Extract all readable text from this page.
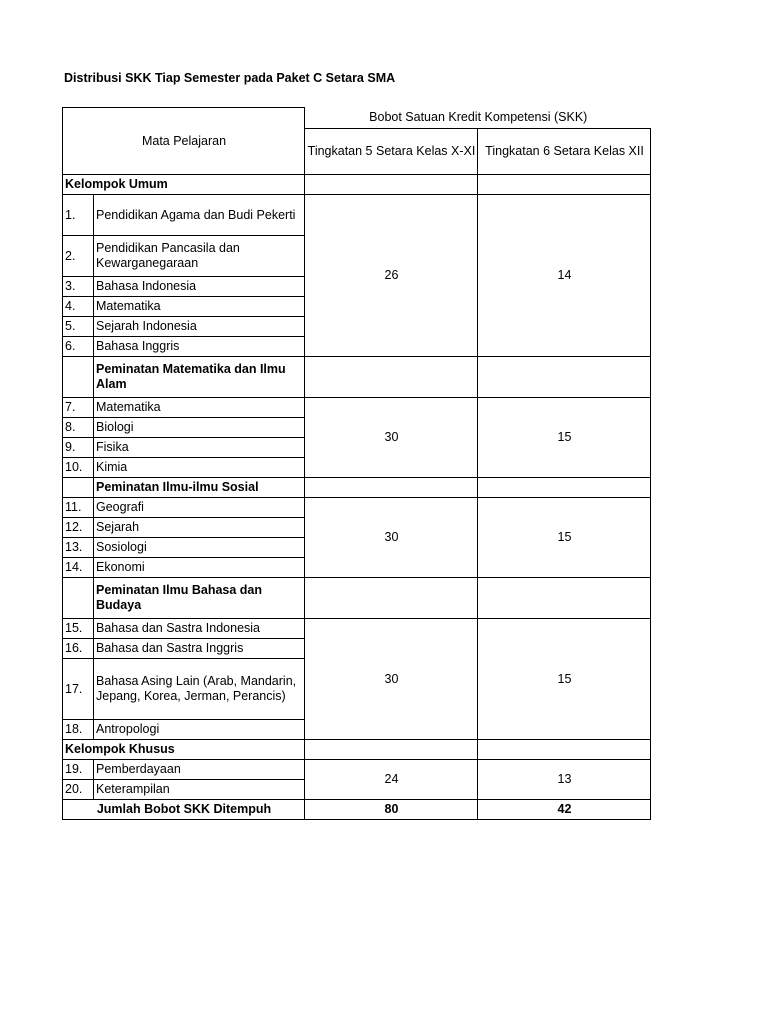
Distribusi SKK Tiap Semester pada Paket C Setara SMA
Mata Pelajaran		Bobot Satuan Kredit Kompetensi (SKK)	
		Tingkatan 5 Setara Kelas X-XI	Tingkatan 6 Setara Kelas XII
Kelompok Umum			
1.	Pendidikan Agama dan Budi Pekerti	26	14
2.	Pendidikan Pancasila dan Kewarganegaraan		
3.	Bahasa Indonesia		
4.	Matematika		
5.	Sejarah Indonesia		
6.	Bahasa Inggris		
	Peminatan Matematika dan Ilmu Alam		
7.	Matematika	30	15
8.	Biologi		
9.	Fisika		
10.	Kimia		
	Peminatan Ilmu-ilmu Sosial		
11.	Geografi	30	15
12.	Sejarah		
13.	Sosiologi		
14.	Ekonomi		
	Peminatan Ilmu Bahasa dan Budaya		
15.	Bahasa dan Sastra Indonesia	30	15
16.	Bahasa dan Sastra Inggris		
17.	Bahasa Asing Lain (Arab, Mandarin, Jepang, Korea, Jerman, Perancis)		
18.	Antropologi		
Kelompok Khusus			
19.	Pemberdayaan	24	13
20.	Keterampilan		
Jumlah Bobot SKK Ditempuh		80	42
